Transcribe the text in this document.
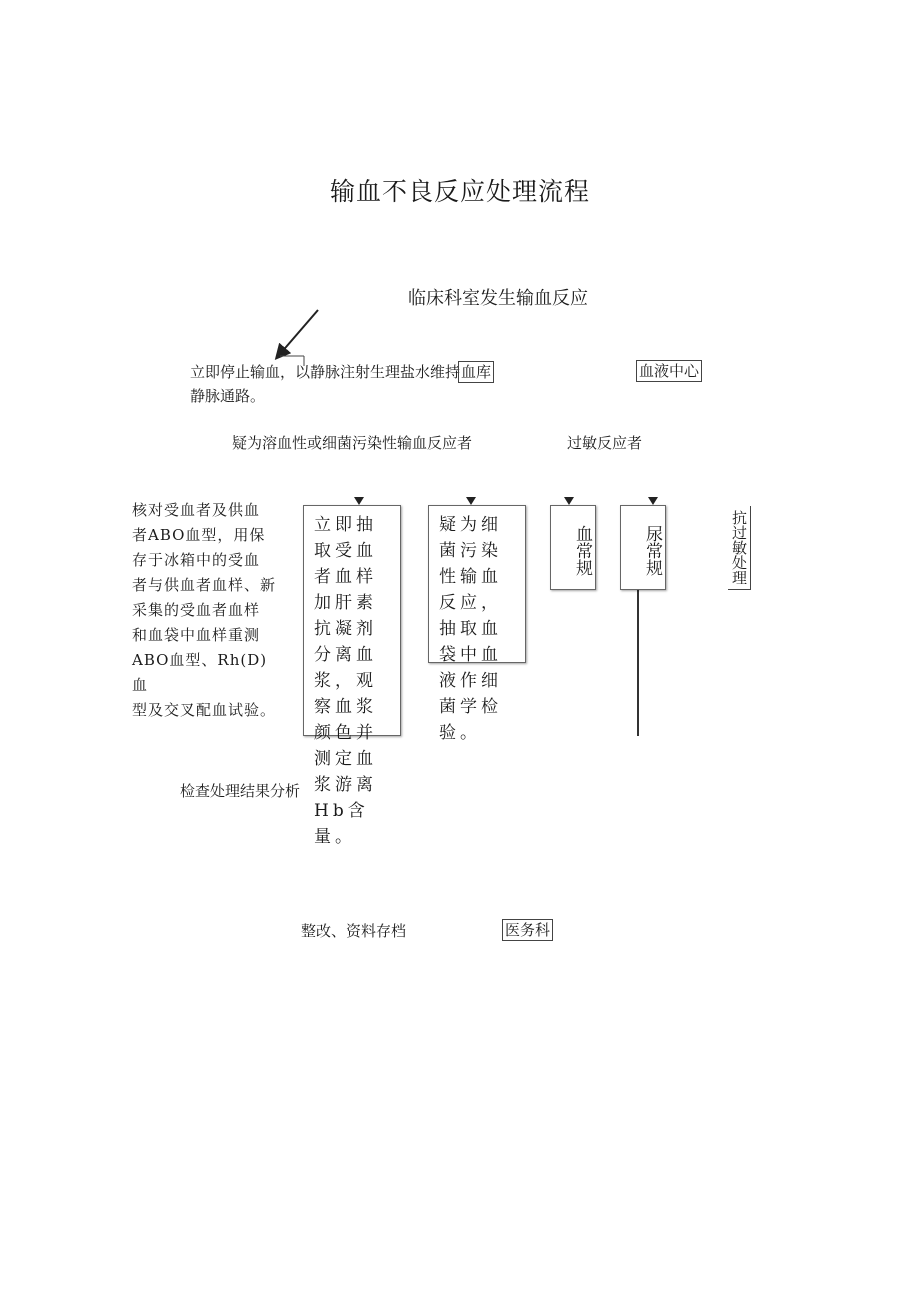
输血不良反应处理流程
临床科室发生输血反应
立即停止输血，以静脉注射生理盐水维持
静脉通路。
血库	血液中心
疑为溶血性或细菌污染性输血反应者	过敏反应者
核对受血者及供血
者ABO血型，用保
存于冰箱中的受血
者与供血者血样、新
采集的受血者血样
和血袋中血样重测
ABO血型、Rh(D)血
型及交叉配血试验。
立即抽取受血者血样加肝素抗凝剂分离血浆，观察血浆颜色并测定血浆游离Hb含量。
疑为细菌污染性输血反应，抽取血袋中血液作细菌学检验。
血常规	尿常规	抗过敏处理
检查处理结果分析
整改、资料存档	医务科
